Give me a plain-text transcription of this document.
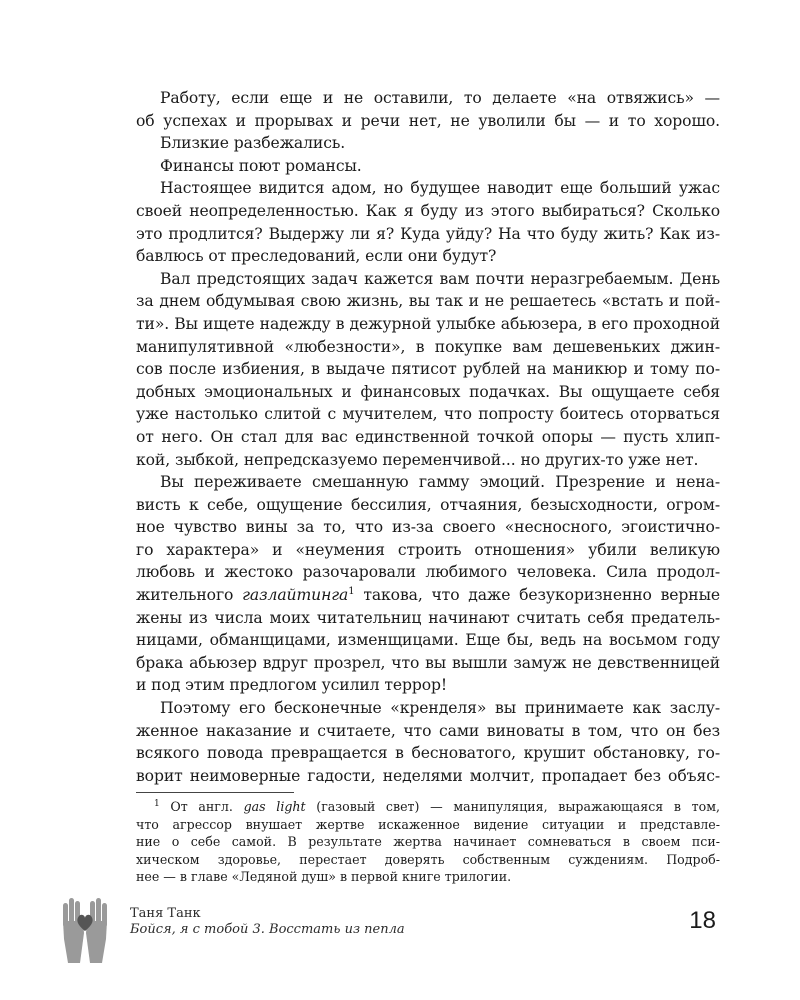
Работу, если еще и не оставили, то делаете «на отвяжись» —
об успехах и прорывах и речи нет, не уволили бы — и то хорошо.
Близкие разбежались.
Финансы поют романсы.
Настоящее видится адом, но будущее наводит еще больший ужас
своей неопределенностью. Как я буду из этого выбираться? Сколько
это продлится? Выдержу ли я? Куда уйду? На что буду жить? Как из-
бавлюсь от преследований, если они будут?
Вал предстоящих задач кажется вам почти неразгребаемым. День
за днем обдумывая свою жизнь, вы так и не решаетесь «встать и пой-
ти». Вы ищете надежду в дежурной улыбке абьюзера, в его проходной
манипулятивной «любезности», в покупке вам дешевеньких джин-
сов после избиения, в выдаче пятисот рублей на маникюр и тому по-
добных эмоциональных и финансовых подачках. Вы ощущаете себя
уже настолько слитой с мучителем, что попросту боитесь оторваться
от него. Он стал для вас единственной точкой опоры — пусть хлип-
кой, зыбкой, непредсказуемо переменчивой... но других-то уже нет.
Вы переживаете смешанную гамму эмоций. Презрение и нена-
висть к себе, ощущение бессилия, отчаяния, безысходности, огром-
ное чувство вины за то, что из-за своего «несносного, эгоистично-
го характера» и «неумения строить отношения» убили великую
любовь и жестоко разочаровали любимого человека. Сила продол-
жительного газлайтинга$^1$ такова, что даже безукоризненно верные
жены из числа моих читательниц начинают считать себя предатель-
ницами, обманщицами, изменщицами. Еще бы, ведь на восьмом году
брака абьюзер вдруг прозрел, что вы вышли замуж не девственницей
и под этим предлогом усилил террор!
Поэтому его бесконечные «кренделя» вы принимаете как заслу-
женное наказание и считаете, что сами виноваты в том, что он без
всякого повода превращается в бесноватого, крушит обстановку, го-
ворит неимоверные гадости, неделями молчит, пропадает без объяс-
$^1$ От англ. gas light (газовый свет) — манипуляция, выражающаяся в том,
что агрессор внушает жертве искаженное видение ситуации и представле-
ние о себе самой. В результате жертва начинает сомневаться в своем пси-
хическом здоровье, перестает доверять собственным суждениям. Подроб-
нее — в главе «Ледяной душ» в первой книге трилогии.
Таня Танк
Бойся, я с тобой 3. Восстать из пепла	18
